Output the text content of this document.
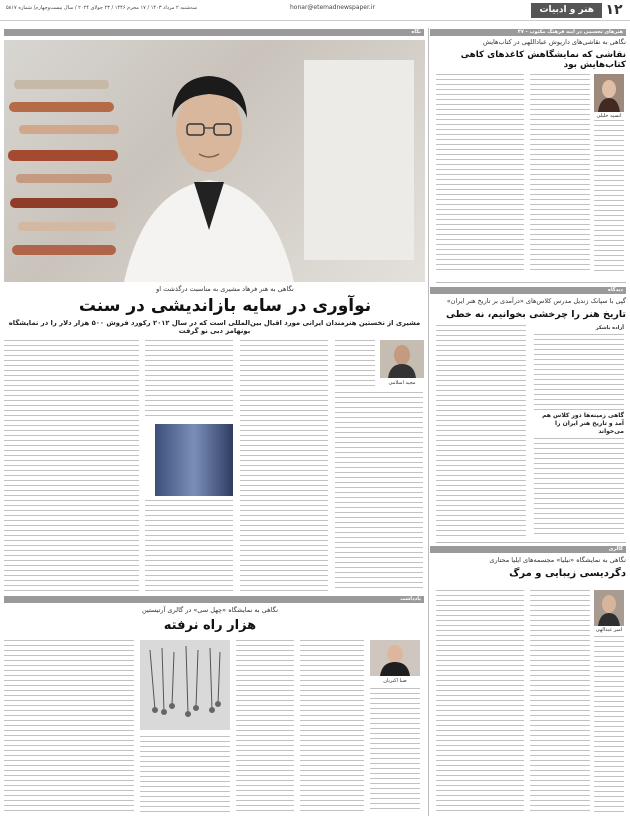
۱۲
هنر و ادبیات
honar@etemadnewspaper.ir
سه‌شنبه ۲ مرداد ۱۴۰۳ / ۱۷ محرم ۱۴۴۶ / ۲۳ جولای ۲۰۲۴ / سال بیست‌وچهارم/ شماره ۵۸۱۷
هنرهای تجسمی در آینه فرهنگ مکتوب - ۴۷
نگاه
نگاهی به هنر فرهاد مشیری به مناسبت درگذشت او
نوآوری در سایه بازاندیشی در سنت
مشیری از نخستین هنرمندان ایرانی مورد اقبال بین‌المللی است که در سال ۲۰۱۲ رکورد فروش ۵۰۰ هزار دلار را در نمایشگاه بونهامز دبی نو گرفت
مجید اسلامی
نگاهی به نقاشی‌های داریوش عباداللهی در کتاب‌هایش
نقاشی که نمایشگاهش کاغذهای کاهی کتاب‌هایش بود
انسیه خلیلی
دیدگاه
گپی با سپانک زندیل مدرس کلاس‌های «درآمدی بر تاریخ هنر ایران»
تاریخ هنر را چرخشی بخوانیم، نه خطی
آزاده باشکر
گاهی زمینه‌ها دور کلاس هم آمد و تاریخ هنر ایران را می‌خواند
گالری
نگاهی به نمایشگاه «نیلیا» مجسمه‌های ایلیا محتاری
دگردیسی زیبایی و مرگ
امیر عبدالهی
یادداشت
نگاهی به نمایشگاه «چهل سی» در گالری آرتیستین
هزار راه نرفته
صبا اکبریان
